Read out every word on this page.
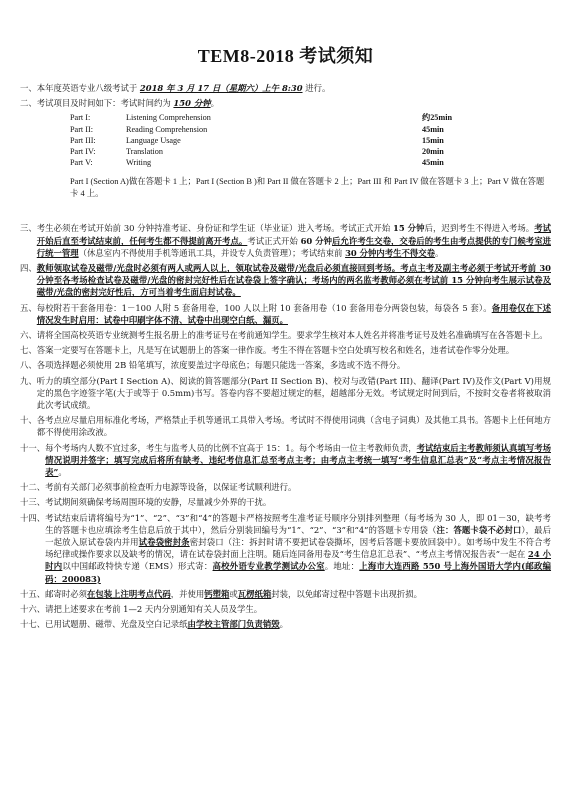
TEM8-2018 考试须知
一、 本年度英语专业八级考试于 2018 年 3 月 17 日（星期六）上午 8:30 进行。
二、 考试项目及时间如下：考试时间约为 150 分钟。
Part I:	Listening Comprehension	约25min
Part II:	Reading Comprehension	45min
Part III:	Language Usage	15min
Part IV:	Translation	20min
Part V:	Writing	45min
Part I (Section A)做在答题卡 1 上；Part I (Section B )和 Part II 做在答题卡 2 上；Part III 和 Part IV 做在答题卡 3 上；Part V 做在答题卡 4 上。
三、 考生必须在考试开始前 30 分钟持准考证、身份证和学生证（毕业证）进入考场。考试正式开始 15 分钟后，迟到考生不得进入考场。考试开始后直至考试结束前，任何考生都不得提前离开考点。考试正式开始 60 分钟后允许考生交卷，交卷后的考生由考点提供的专门候考室进行统一管理（休息室内不得使用手机等通讯工具，并设专人负责管理）；考试结束前 30 分钟内考生不得交卷。
四、 教师领取试卷及磁带/光盘时必须有两人或两人以上，领取试卷及磁带/光盘后必须直接回到考场。考点主考及副主考必须于考试开考前 30 分钟至各考场检查试卷及磁带/光盘的密封完好性后在试卷袋上签字确认；考场内的两名监考教师必须在考试前 15 分钟向考生展示试卷及磁带/光盘的密封完好性后，方可当着考生面启封试卷。
五、 每校附若干套备用卷：1－100 人附 5 套备用卷，100 人以上附 10 套备用卷（10 套备用卷分两袋包装，每袋各 5 套）。备用卷仅在下述情况发生时启用：试卷中印刷字体不清、试卷中出现空白纸、漏页。
六、 请将全国高校英语专业统测考生报名册上的准考证号在考前通知学生。要求学生核对本人姓名并将准考证号及姓名准确填写在各答题卡上。
七、 答案一定要写在答题卡上，凡是写在试题册上的答案一律作废。考生不得在答题卡空白处填写校名和姓名，违者试卷作零分处理。
八、 各项选择题必须使用 2B 铅笔填写，浓度要盖过字母底色；每题只能选一答案，多选或不选不得分。
九、 听力的填空部分(Part I Section A)、阅读的简答题部分(Part II Section B)、校对与改错(Part III)、翻译(Part IV)及作文(Part V)用规定的黑色字迹签字笔(大于或等于 0.5mm)书写。答卷内容不要超过规定的框，超越部分无效。考试规定时间到后，不按时交卷者将被取消此次考试成绩。
十、 各考点应尽量启用标准化考场，严格禁止手机等通讯工具带入考场。考试时不得使用词典（含电子词典）及其他工具书。答题卡上任何地方都不得使用涂改液。
十一、 每个考场内人数不宜过多，考生与监考人员的比例不宜高于 15：1。每个考场由一位主考教师负责，考试结束后主考教师须认真填写考场情况说明并签字；填写完成后将所有缺考、违纪考信息汇总至考点主考；由考点主考统一填写“考生信息汇总表”及“考点主考情况报告表”。
十二、 考前有关部门必须事前检查听力电源等设备，以保证考试顺利进行。
十三、 考试期间须确保考场周围环境的安静，尽量减少外界的干扰。
十四、 考试结束后请将编号为“1”、“2”、“3”和“4”的答题卡严格按照考生准考证号顺序分别排列整理（每考场为 30 人，即 01－30，缺考考生的答题卡也应填涂考生信息后放于其中），然后分别装回编号为“1”、“2”、“3”和“4”的答题卡专用袋（注：答题卡袋不必封口），最后一起放入原试卷袋内并用试卷袋密封条密封袋口（注：拆封时请不要把试卷袋撕坏，因考后答题卡要放回袋中）。如考场中发生不符合考场纪律或操作要求以及缺考的情况，请在试卷袋封面上注明。随后连同备用卷及“考生信息汇总表”、“考点主考情况报告表”一起在 24 小时内以中国邮政特快专递（EMS）形式寄：高校外语专业教学测试办公室。地址：上海市大连西路 550 号上海外国语大学内(邮政编码：200083)
十五、 邮寄时必须在包装上注明考点代码，并使用钙塑箱或瓦楞纸箱封装，以免邮寄过程中答题卡出现折损。
十六、 请把上述要求在考前 1—2 天内分别通知有关人员及学生。
十七、 已用试题册、磁带、光盘及空白记录纸由学校主管部门负责销毁。
